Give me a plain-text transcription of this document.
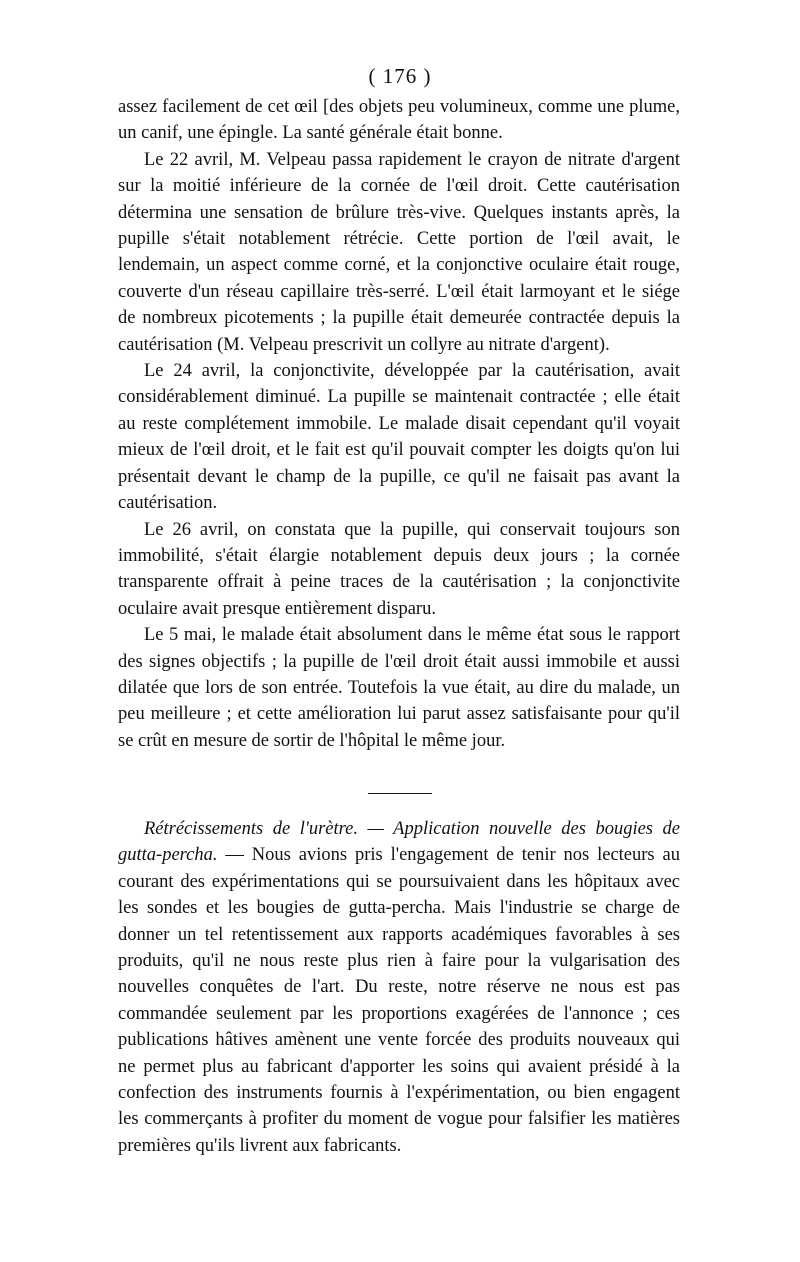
( 176 )

assez facilement de cet œil [des objets peu volumineux, comme une plume, un canif, une épingle. La santé générale était bonne.

Le 22 avril, M. Velpeau passa rapidement le crayon de nitrate d'argent sur la moitié inférieure de la cornée de l'œil droit. Cette cautérisation détermina une sensation de brûlure très-vive. Quelques instants après, la pupille s'était notablement rétrécie. Cette portion de l'œil avait, le lendemain, un aspect comme corné, et la conjonctive oculaire était rouge, couverte d'un réseau capillaire très-serré. L'œil était larmoyant et le siége de nombreux picotements ; la pupille était demeurée contractée depuis la cautérisation (M. Velpeau prescrivit un collyre au nitrate d'argent).

Le 24 avril, la conjonctivite, développée par la cautérisation, avait considérablement diminué. La pupille se maintenait contractée ; elle était au reste complétement immobile. Le malade disait cependant qu'il voyait mieux de l'œil droit, et le fait est qu'il pouvait compter les doigts qu'on lui présentait devant le champ de la pupille, ce qu'il ne faisait pas avant la cautérisation.

Le 26 avril, on constata que la pupille, qui conservait toujours son immobilité, s'était élargie notablement depuis deux jours ; la cornée transparente offrait à peine traces de la cautérisation ; la conjonctivite oculaire avait presque entièrement disparu.

Le 5 mai, le malade était absolument dans le même état sous le rapport des signes objectifs ; la pupille de l'œil droit était aussi immobile et aussi dilatée que lors de son entrée. Toutefois la vue était, au dire du malade, un peu meilleure ; et cette amélioration lui parut assez satisfaisante pour qu'il se crût en mesure de sortir de l'hôpital le même jour.

Rétrécissements de l'urètre. — Application nouvelle des bougies de gutta-percha. — Nous avions pris l'engagement de tenir nos lecteurs au courant des expérimentations qui se poursuivaient dans les hôpitaux avec les sondes et les bougies de gutta-percha. Mais l'industrie se charge de donner un tel retentissement aux rapports académiques favorables à ses produits, qu'il ne nous reste plus rien à faire pour la vulgarisation des nouvelles conquêtes de l'art. Du reste, notre réserve ne nous est pas commandée seulement par les proportions exagérées de l'annonce ; ces publications hâtives amènent une vente forcée des produits nouveaux qui ne permet plus au fabricant d'apporter les soins qui avaient présidé à la confection des instruments fournis à l'expérimentation, ou bien engagent les commerçants à profiter du moment de vogue pour falsifier les matières premières qu'ils livrent aux fabricants.
